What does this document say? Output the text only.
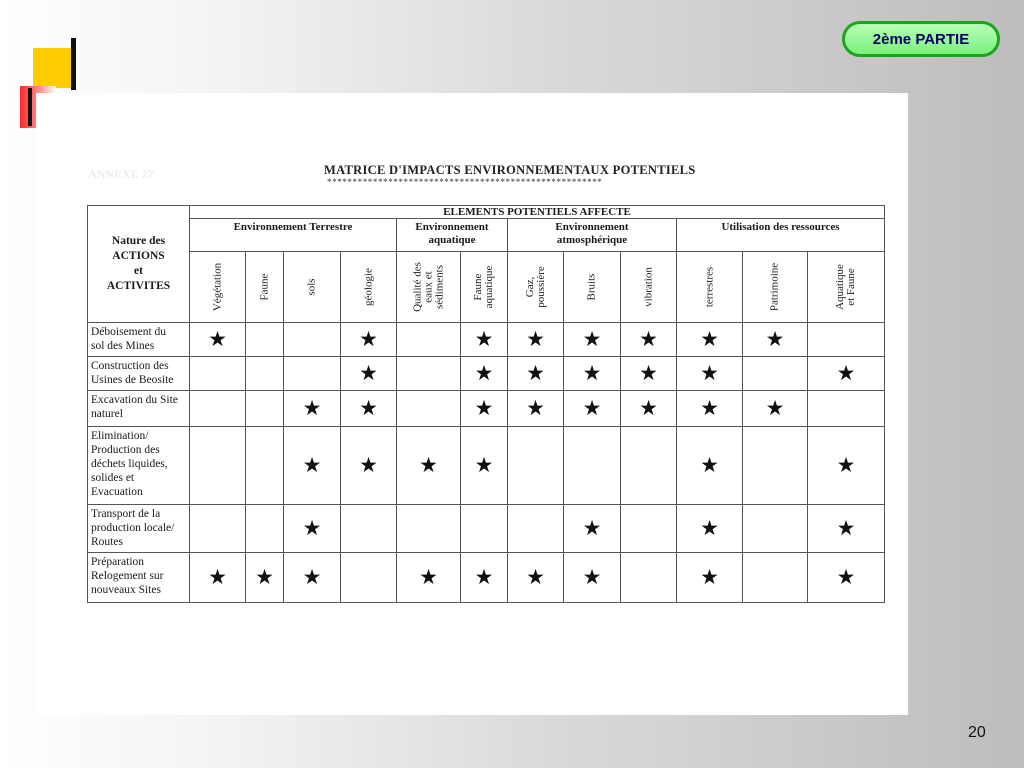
2ème PARTIE
ANNEXE 27	MATRICE D'IMPACTS ENVIRONNEMENTAUX POTENTIELS
******************************************************
Nature des
ACTIONS
et
ACTIVITES	ELEMENTS POTENTIELS AFFECTE											
	Environnement Terrestre				Environnement
aquatique		Environnement
atmosphérique			Utilisation des ressources		

	Végétation	Faune	sols	géologie	Qualité des
eaux et
sédiments	Faune
aquatique	Gaz,
poussière	Bruits	vibration	terrestres	Patrimoine	Aquatique
et Faune

Déboisement du
sol des Mines	★			★		★	★	★	★	★	★	
Construction des
Usines de Beosite				★		★	★	★	★	★		★
Excavation du Site
naturel			★	★		★	★	★	★	★	★	
Elimination/
Production des
déchets liquides,
solides et
Evacuation			★	★	★	★				★		★
Transport de la
production locale/
Routes			★					★		★		★
Préparation
Relogement sur
nouveaux Sites	★	★	★		★	★	★	★		★		★
20
